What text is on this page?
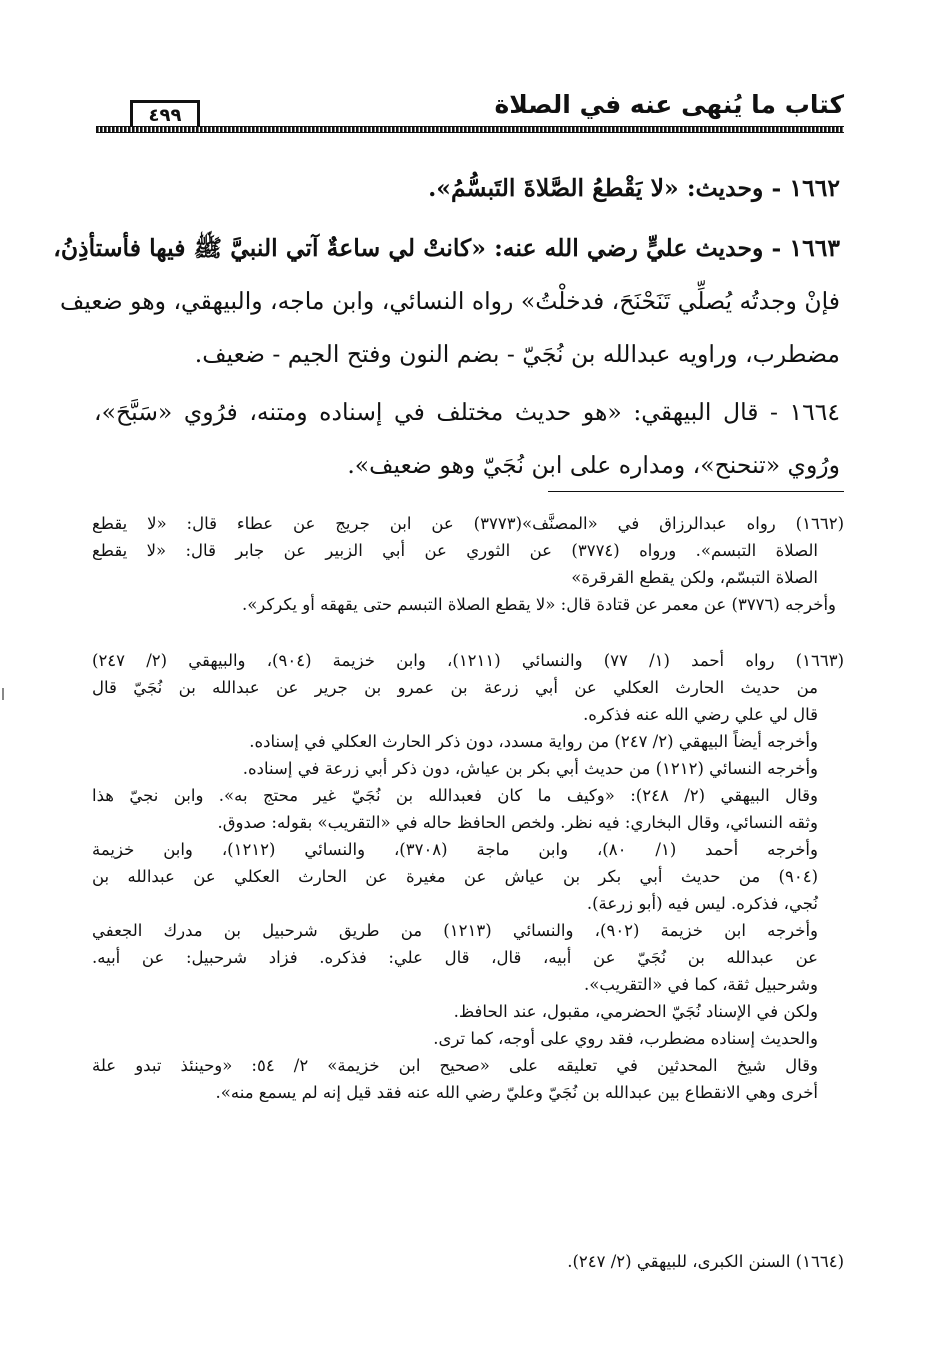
٤٩٩	كتاب ما يُنهى عنه في الصلاة
١٦٦٢ - وحديث: «لا يَقْطعُ الصَّلاةَ التَبسُّمُ».
١٦٦٣ - وحديث عليٍّ رضي الله عنه: «كانتْ لي ساعةٌ آتي النبيَّ ﷺ فيها فأستأذِنُ،
فإنْ وجدتُه يُصلِّي تَنَحْنَحَ، فدخلْتُ» رواه النسائي، وابن ماجه، والبيهقي، وهو ضعيف
مضطرب، وراويه عبدالله بن نُجَيّ - بضم النون وفتح الجيم - ضعيف.
١٦٦٤ - قال البيهقي: «هو حديث مختلف في إسناده ومتنه، فرُوي «سَبَّحَ»،
ورُوي «تنحنح»، ومداره على ابن نُجَيّ وهو ضعيف».
(١٦٦٢) رواه عبدالرزاق في «المصنَّف»(٣٧٧٣) عن ابن جريج عن عطاء قال: «لا يقطع
الصلاة التبسم». ورواه (٣٧٧٤) عن الثوري عن أبي الزبير عن جابر قال: «لا يقطع
الصلاة التبسّم، ولكن يقطع القرقرة»
وأخرجه (٣٧٧٦) عن معمر عن قتادة قال: «لا يقطع الصلاة التبسم حتى يقهقه أو يكركر».
(١٦٦٣) رواه أحمد (١/ ٧٧) والنسائي (١٢١١)، وابن خزيمة (٩٠٤)، والبيهقي (٢/ ٢٤٧)
من حديث الحارث العكلي عن أبي زرعة بن عمرو بن جرير عن عبدالله بن نُجَيّ قال
قال لي علي رضي الله عنه فذكره.
وأخرجه أيضاً البيهقي (٢/ ٢٤٧) من رواية مسدد، دون ذكر الحارث العكلي في إسناده.
وأخرجه النسائي (١٢١٢) من حديث أبي بكر بن عياش، دون ذكر أبي زرعة في إسناده.
وقال البيهقي (٢/ ٢٤٨): «وكيف ما كان فعبدالله بن نُجَيّ غير محتج به». وابن نجيّ هذا
وثقه النسائي، وقال البخاري: فيه نظر. ولخص الحافظ حاله في «التقريب» بقوله: صدوق.
وأخرجه أحمد (١/ ٨٠)، وابن ماجة (٣٧٠٨)، والنسائي (١٢١٢)، وابن خزيمة
(٩٠٤) من حديث أبي بكر بن عياش عن مغيرة عن الحارث العكلي عن عبدالله بن
نُجي، فذكره. ليس فيه (أبو زرعة).
وأخرجه ابن خزيمة (٩٠٢)، والنسائي (١٢١٣) من طريق شرحبيل بن مدرك الجعفي
عن عبدالله بن نُجَيّ عن أبيه، قال، قال علي: فذكره. فزاد شرحبيل: عن أبيه.
وشرحبيل ثقة، كما في «التقريب».
ولكن في الإسناد نُجَيّ الحضرمي، مقبول، عند الحافظ.
والحديث إسناده مضطرب، فقد روي على أوجه، كما ترى.
وقال شيخ المحدثين في تعليقه على «صحيح ابن خزيمة» ٢/ ٥٤: «وحينئذ تبدو علة
أخرى وهي الانقطاع بين عبدالله بن نُجَيّ وعليّ رضي الله عنه فقد قيل إنه لم يسمع منه».
(١٦٦٤) السنن الكبرى، للبيهقي (٢/ ٢٤٧).
